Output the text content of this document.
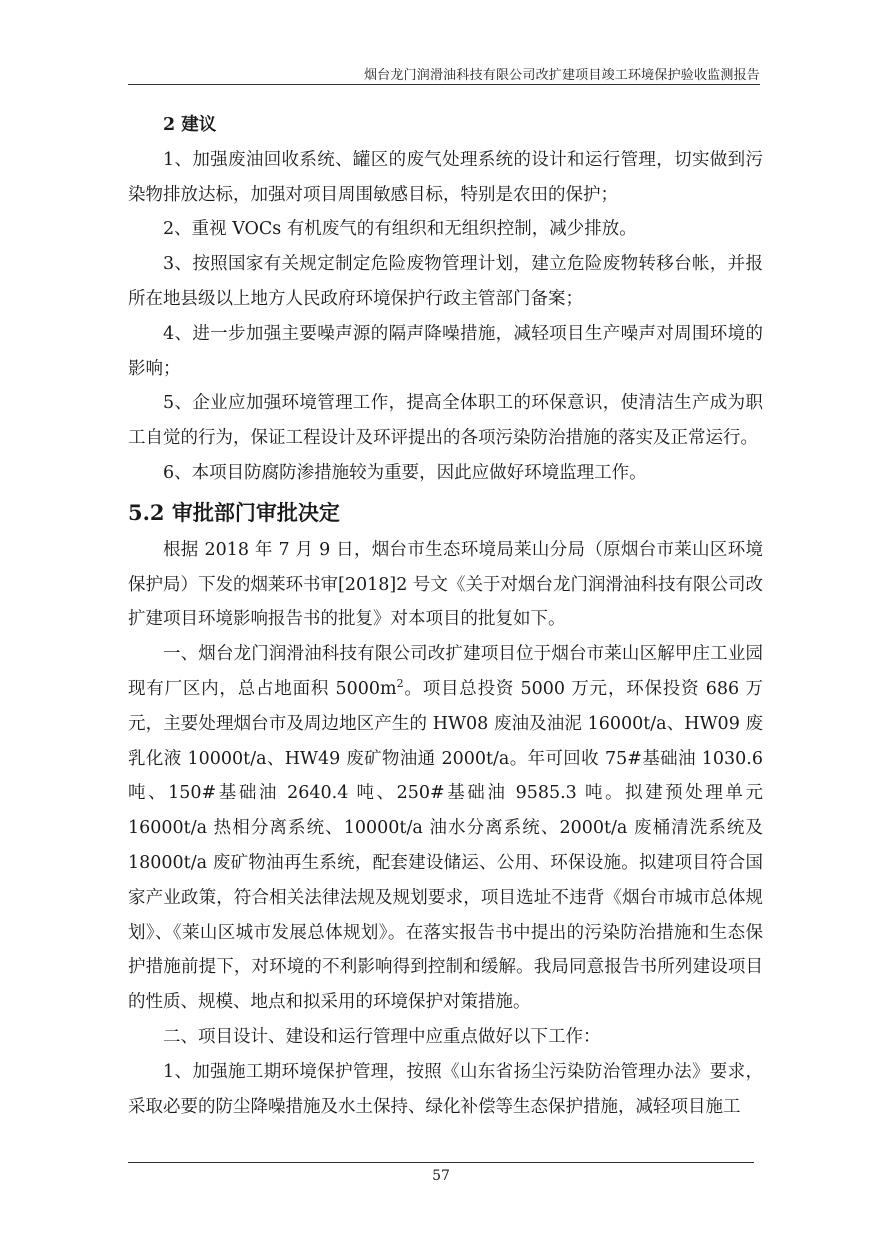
烟台龙门润滑油科技有限公司改扩建项目竣工环境保护验收监测报告

2 建议

1、加强废油回收系统、罐区的废气处理系统的设计和运行管理，切实做到污染物排放达标，加强对项目周围敏感目标，特别是农田的保护；

2、重视 VOCs 有机废气的有组织和无组织控制，减少排放。

3、按照国家有关规定制定危险废物管理计划，建立危险废物转移台帐，并报所在地县级以上地方人民政府环境保护行政主管部门备案；

4、进一步加强主要噪声源的隔声降噪措施，减轻项目生产噪声对周围环境的影响；

5、企业应加强环境管理工作，提高全体职工的环保意识，使清洁生产成为职工自觉的行为，保证工程设计及环评提出的各项污染防治措施的落实及正常运行。

6、本项目防腐防渗措施较为重要，因此应做好环境监理工作。

5.2 审批部门审批决定

根据 2018 年 7 月 9 日，烟台市生态环境局莱山分局（原烟台市莱山区环境保护局）下发的烟莱环书审[2018]2 号文《关于对烟台龙门润滑油科技有限公司改扩建项目环境影响报告书的批复》对本项目的批复如下。

一、烟台龙门润滑油科技有限公司改扩建项目位于烟台市莱山区解甲庄工业园现有厂区内，总占地面积 $5000m^2$。项目总投资 5000 万元，环保投资 686 万元，主要处理烟台市及周边地区产生的 HW08 废油及油泥 16000t/a、HW09 废乳化液 10000t/a、HW49 废矿物油通 2000t/a。年可回收 75#基础油 1030.6 吨、150#基础油 2640.4 吨、250#基础油 9585.3 吨。拟建预处理单元 16000t/a 热相分离系统、10000t/a 油水分离系统、2000t/a 废桶清洗系统及 18000t/a 废矿物油再生系统，配套建设储运、公用、环保设施。拟建项目符合国家产业政策，符合相关法律法规及规划要求，项目选址不违背《烟台市城市总体规划》、《莱山区城市发展总体规划》。在落实报告书中提出的污染防治措施和生态保护措施前提下，对环境的不利影响得到控制和缓解。我局同意报告书所列建设项目的性质、规模、地点和拟采用的环境保护对策措施。

二、项目设计、建设和运行管理中应重点做好以下工作：

1、加强施工期环境保护管理，按照《山东省扬尘污染防治管理办法》要求，采取必要的防尘降噪措施及水土保持、绿化补偿等生态保护措施，减轻项目施工

57
